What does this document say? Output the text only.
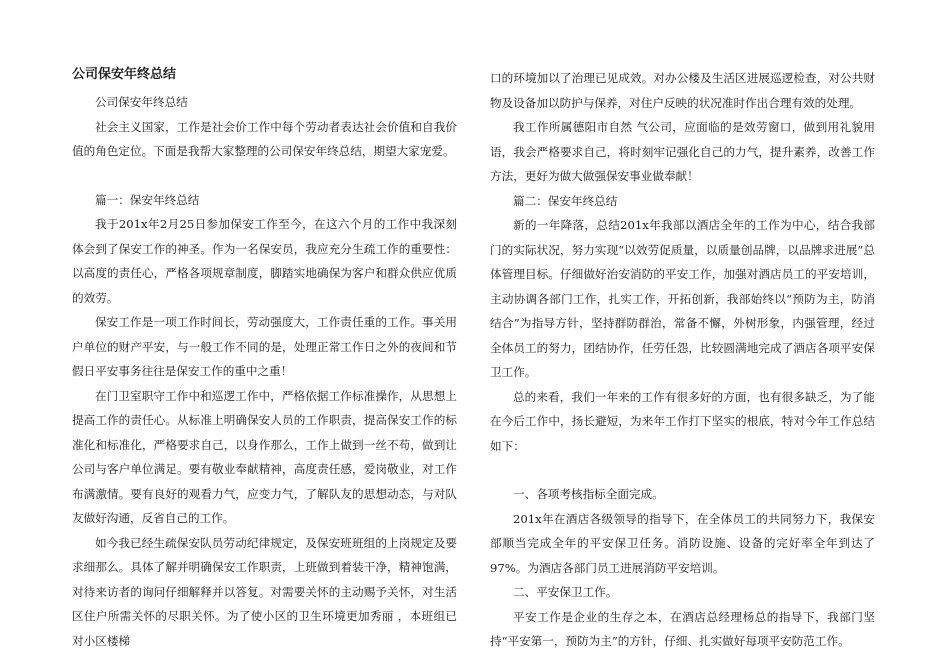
公司保安年终总结

公司保安年终总结

社会主义国家，工作是社会价工作中每个劳动者表达社会价值和自我价值的角色定位。下面是我帮大家整理的公司保安年终总结，期望大家宠爱。

篇一：保安年终总结

我于201x年2月25日参加保安工作至今，在这六个月的工作中我深刻体会到了保安工作的神圣。作为一名保安员，我应充分生疏工作的重要性：以高度的责任心，严格各项规章制度，脚踏实地确保为客户和群众供应优质的效劳。

保安工作是一项工作时间长，劳动强度大，工作责任重的工作。事关用户单位的财产平安，与一般工作不同的是，处理正常工作日之外的夜间和节假日平安事务往往是保安工作的重中之重！

在门卫室职守工作中和巡逻工作中，严格依据工作标准操作，从思想上提高工作的责任心。从标准上明确保安人员的工作职责，提高保安工作的标准化和标准化，严格要求自己，以身作那么，工作上做到一丝不苟，做到让公司与客户单位满足。要有敬业奉献精神，高度责任感，爱岗敬业，对工作布满激情。要有良好的观看力气，应变力气，了解队友的思想动态，与对队友做好沟通，反省自己的工作。

如今我已经生疏保安队员劳动纪律规定，及保安班班组的上岗规定及要求细那么。具体了解并明确保安工作职责，上班做到着装干净，精神饱满，对待来访者的询问仔细解释并以答复。对需要关怀的主动赐予关怀，对生活区住户所需关怀的尽职关怀。为了使小区的卫生环境更加秀丽 ，本班组已对小区楼梯

口的环境加以了治理已见成效。对办公楼及生活区进展巡逻检查，对公共财物及设备加以防护与保养，对住户反映的状况准时作出合理有效的处理。

我工作所属德阳市自然 气公司，应面临的是效劳窗口，做到用礼貌用语，我会严格要求自己，将时刻牢记强化自己的力气，提升素养，改善工作方法，更好为做大做强保安事业做奉献！

篇二：保安年终总结

新的一年降落，总结201x年我部以酒店全年的工作为中心，结合我部门的实际状况，努力实现“以效劳促质量，以质量创品牌，以品牌求进展”总体管理目标。仔细做好治安消防的平安工作，加强对酒店员工的平安培训，主动协调各部门工作，扎实工作，开拓创新，我部始终以“预防为主，防消结合”为指导方针，坚持群防群治，常备不懈，外树形象，内强管理，经过全体员工的努力，团结协作，任劳任怨，比较圆满地完成了酒店各项平安保卫工作。

总的来看，我们一年来的工作有很多好的方面，也有很多缺乏，为了能在今后工作中，扬长避短，为来年工作打下坚实的根底，特对今年工作总结如下：

一、各项考核指标全面完成。

201x年在酒店各级领导的指导下，在全体员工的共同努力下，我保安部顺当完成全年的平安保卫任务。消防设施、设备的完好率全年到达了97%。为酒店各部门员工进展消防平安培训。

二、平安保卫工作。

平安工作是企业的生存之本，在酒店总经理杨总的指导下，我部门坚持“平安第一，预防为主”的方针，仔细、扎实做好每项平安防范工作。
